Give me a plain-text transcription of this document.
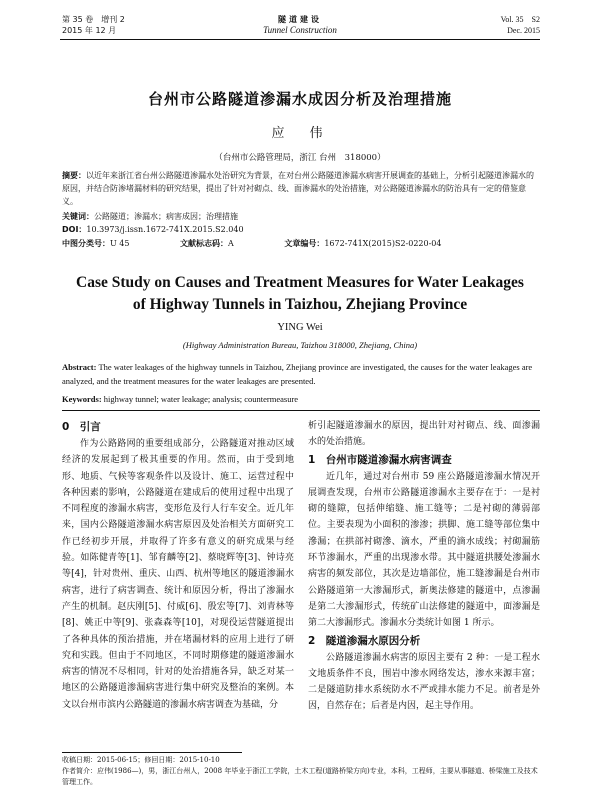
第 35 卷　增刊 2
2015 年 12 月
隧道建设
Tunnel Construction
Vol. 35　S2
Dec. 2015
台州市公路隧道渗漏水成因分析及治理措施
应　伟
（台州市公路管理局，浙江 台州　318000）
摘要：以近年来浙江省台州公路隧道渗漏水处治研究为背景，在对台州公路隧道渗漏水病害开展调查的基础上，分析引起隧道渗漏水的原因，并结合防渗堵漏材料的研究结果，提出了针对衬砌点、线、面渗漏水的处治措施，对公路隧道渗漏水的防治具有一定的借鉴意义。
关键词：公路隧道；渗漏水；病害成因；治理措施
DOI：10.3973/j.issn.1672-741X.2015.S2.040
中图分类号：U 45	文献标志码：A	文章编号：1672-741X(2015)S2-0220-04
Case Study on Causes and Treatment Measures for Water Leakages
of Highway Tunnels in Taizhou, Zhejiang Province
YING Wei
(Highway Administration Bureau, Taizhou 318000, Zhejiang, China)
Abstract: The water leakages of the highway tunnels in Taizhou, Zhejiang province are investigated, the causes for the water leakages are analyzed, and the treatment measures for the water leakages are presented.
Keywords: highway tunnel; water leakage; analysis; countermeasure
0　引言

作为公路路网的重要组成部分，公路隧道对推动区域经济的发展起到了极其重要的作用。然而，由于受到地形、地质、气候等客观条件以及设计、施工、运营过程中各种因素的影响，公路隧道在建成后的使用过程中出现了不同程度的渗漏水病害，变形危及行人行车安全。近几年来，国内公路隧道渗漏水病害原因及处治相关方面研究工作已经初步开展，并取得了许多有意义的研究成果与经验。如陈健青等[1]、邹育麟等[2]、蔡晓辉等[3]、钟诗亮等[4]，针对贵州、重庆、山西、杭州等地区的隧道渗漏水病害，进行了病害调查、统计和原因分析，得出了渗漏水产生的机制。赵庆刚[5]、付威[6]、殷宏等[7]、刘青林等[8]、姚正中等[9]、张森森等[10]，对现役运营隧道提出了各种具体的预治措施，并在堵漏材料的应用上进行了研究和实践。但由于不同地区，不同时期修建的隧道渗漏水病害的情况不尽相同，针对的处治措施各异，缺乏对某一地区的公路隧道渗漏病害进行集中研究及整治的案例。本文以台州市滨内公路隧道的渗漏水病害调查为基础，分

析引起隧道渗漏水的原因，提出针对衬砌点、线、面渗漏水的处治措施。

1　台州市隧道渗漏水病害调查

近几年，通过对台州市 59 座公路隧道渗漏水情况开展调查发现，台州市公路隧道渗漏水主要存在于：一是衬砌的缝隙，包括伸缩缝、施工缝等；二是衬砌的薄弱部位。主要表现为小面积的渗渗；拱脚、施工缝等部位集中滲漏；在拱部衬砌滲、滴水，严重的滴水成线；衬砌漏筋环节渗漏水，严重的出现渗水带。其中隧道拱腰处渗漏水病害的频发部位，其次是边墙部位，施工缝渗漏是台州市公路隧道第一大渗漏形式，新奥法修建的隧道中，点渗漏是第二大渗漏形式，传统矿山法修建的隧道中，面渗漏是第二大渗漏形式。渗漏水分类统计如图 1 所示。

2　隧道渗漏水原因分析

公路隧道渗漏水病害的原因主要有 2 种：一是工程水文地质条件不良，围岩中渗水网络发达，渗水来源丰富；二是隧道防排水系统防水不严或排水能力不足。前者是外因，自然存在；后者是内因，起主导作用。

收稿日期：2015-06-15；修回日期：2015-10-10
作者简介：应伟(1986—)，男，浙江台州人，2008 年毕业于浙江工学院，土木工程(道路桥梁方向)专业，本科，工程师，主要从事隧道、桥梁施工及技术管理工作。
